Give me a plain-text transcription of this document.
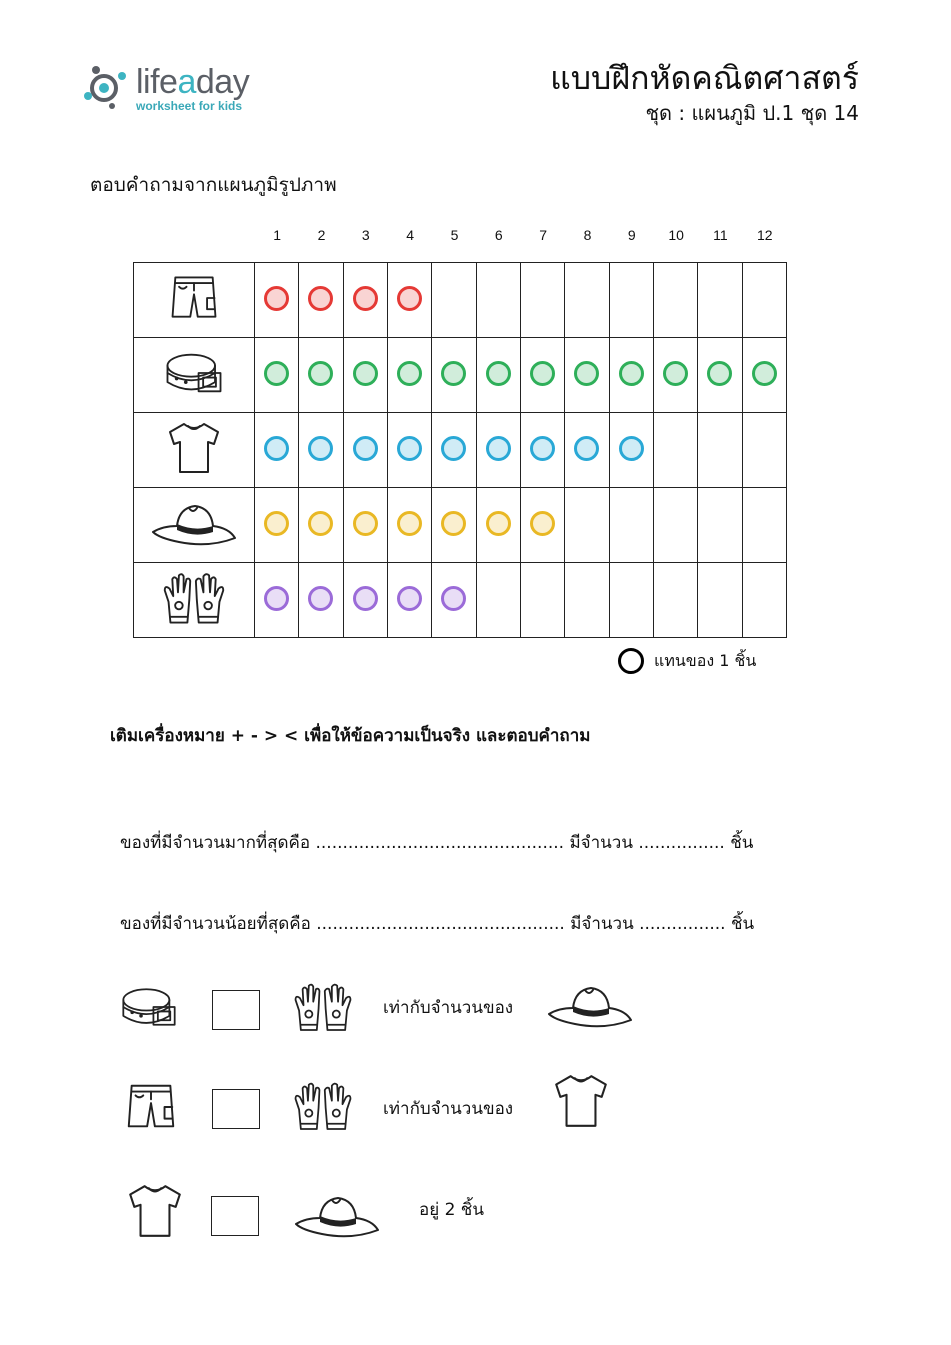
lifeaday
worksheet for kids
แบบฝึกหัดคณิตศาสตร์
ชุด : แผนภูมิ ป.1 ชุด 14
ตอบคำถามจากแผนภูมิรูปภาพ
1	2	3	4	5	6	7	8	9	10	11	12

แทนของ 1 ชิ้น
เติมเครื่องหมาย + - > < เพื่อให้ข้อความเป็นจริง และตอบคำถาม
ของที่มีจำนวนมากที่สุดคือ .............................................. มีจำนวน ................ ชิ้น
ของที่มีจำนวนน้อยที่สุดคือ .............................................. มีจำนวน ................ ชิ้น
เท่ากับจำนวนของ
เท่ากับจำนวนของ
อยู่ 2 ชิ้น
